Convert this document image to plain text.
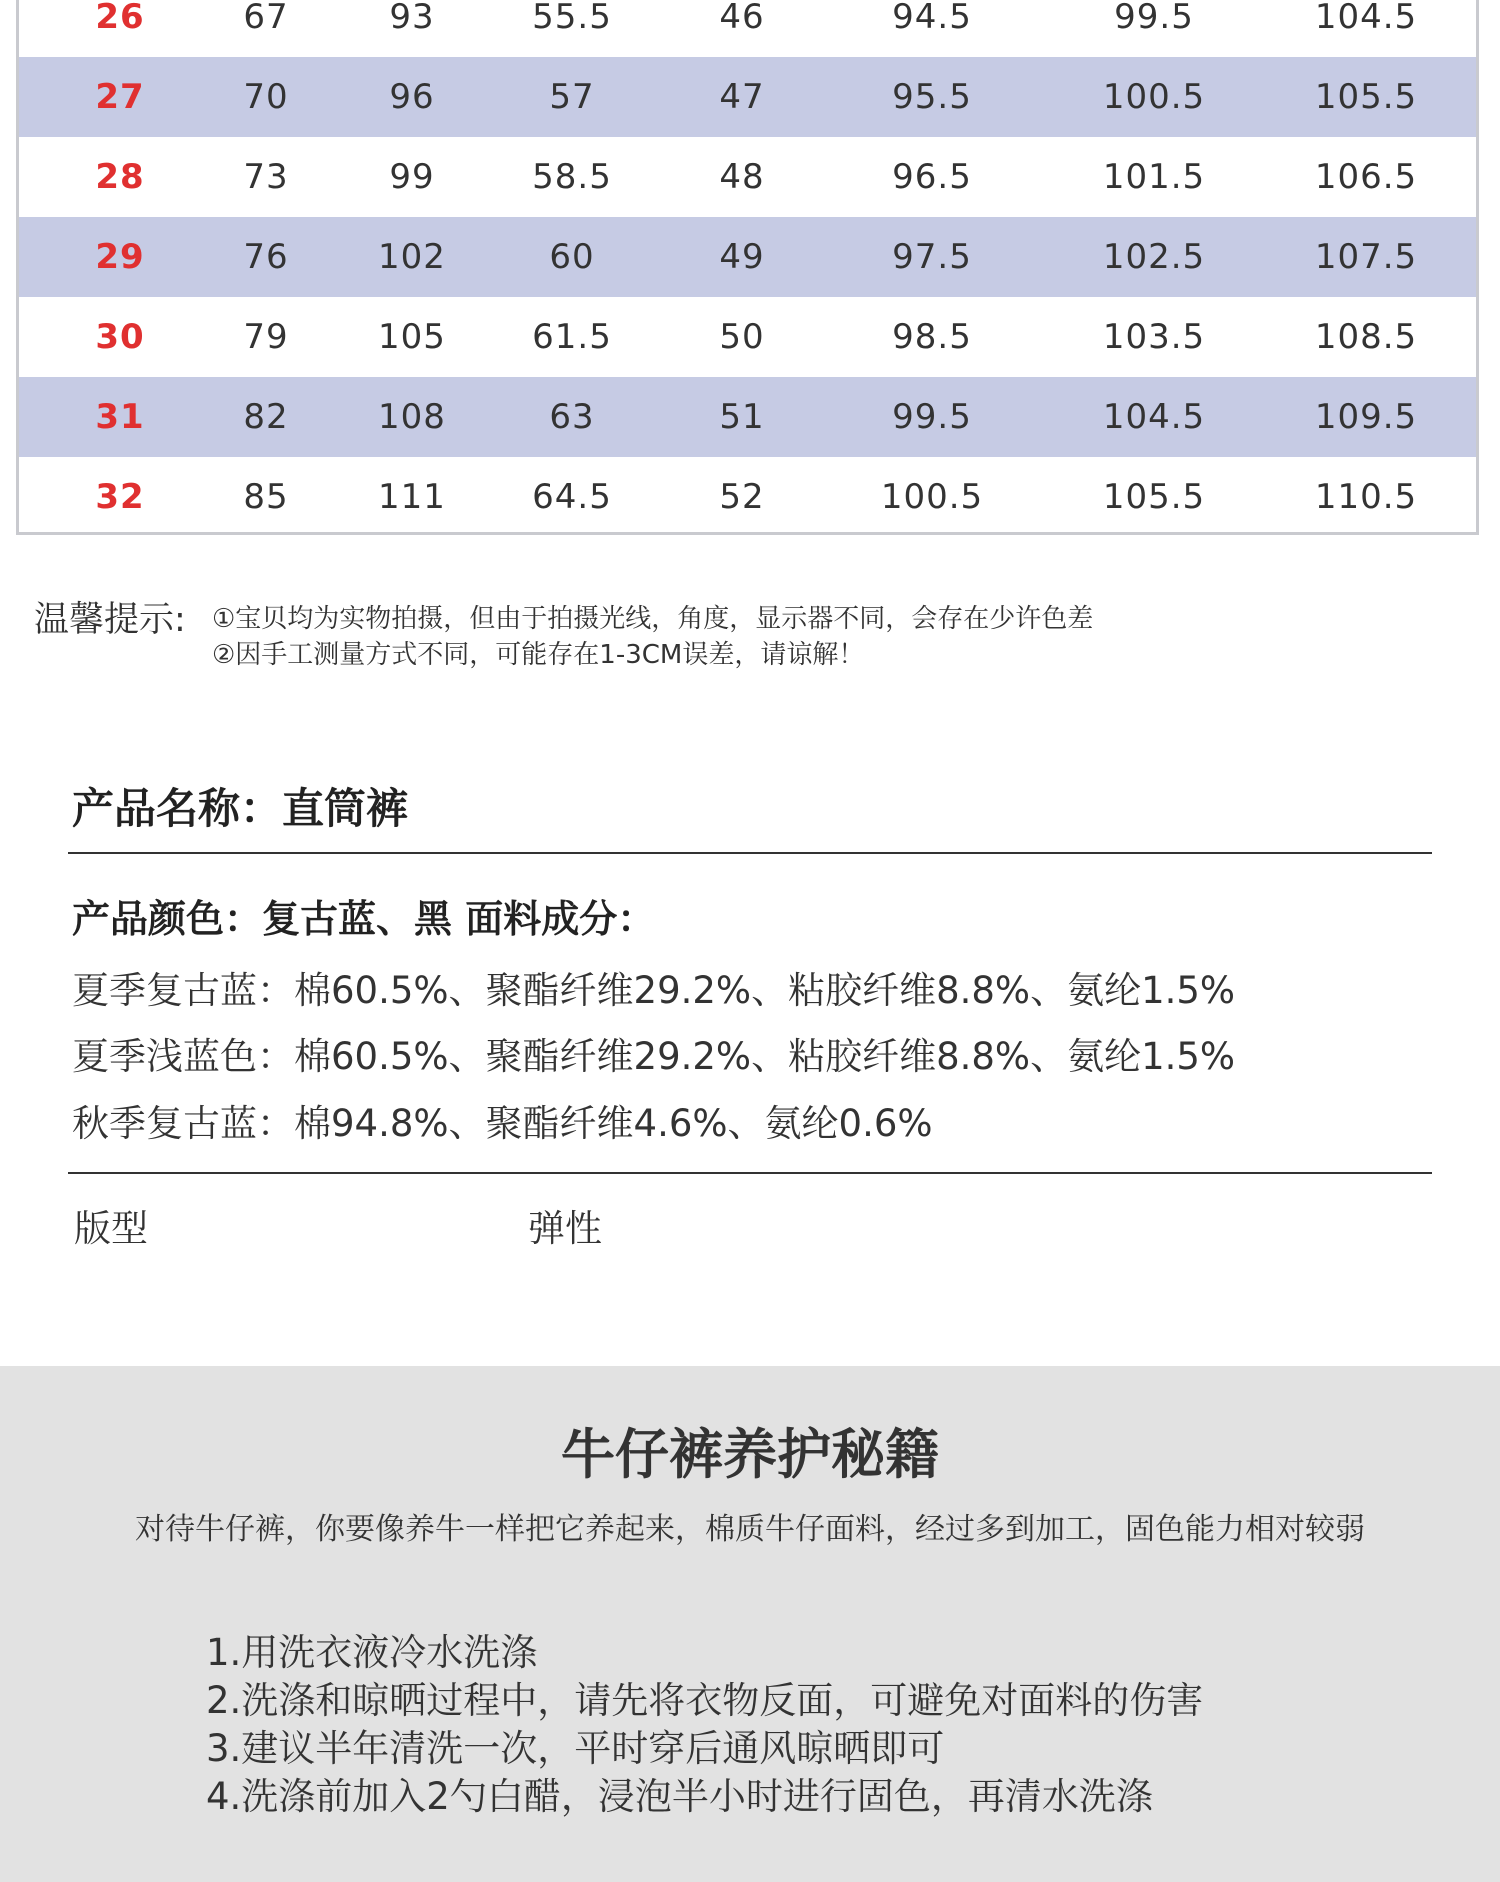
26	67	93	55.5	46	94.5	99.5	104.5
27	70	96	57	47	95.5	100.5	105.5
28	73	99	58.5	48	96.5	101.5	106.5
29	76	102	60	49	97.5	102.5	107.5
30	79	105	61.5	50	98.5	103.5	108.5
31	82	108	63	51	99.5	104.5	109.5
32	85	111	64.5	52	100.5	105.5	110.5
温馨提示: ①宝贝均为实物拍摄，但由于拍摄光线，角度，显示器不同，会存在少许色差
②因手工测量方式不同，可能存在1-3CM误差，请谅解！
产品名称：直筒裤
产品颜色：复古蓝、黑 面料成分：
夏季复古蓝：棉60.5%、聚酯纤维29.2%、粘胶纤维8.8%、氨纶1.5%
夏季浅蓝色：棉60.5%、聚酯纤维29.2%、粘胶纤维8.8%、氨纶1.5%
秋季复古蓝：棉94.8%、聚酯纤维4.6%、氨纶0.6%
版型	弹性
牛仔裤养护秘籍
对待牛仔裤，你要像养牛一样把它养起来，棉质牛仔面料，经过多到加工，固色能力相对较弱
1.用洗衣液冷水洗涤
2.洗涤和晾晒过程中，请先将衣物反面，可避免对面料的伤害
3.建议半年清洗一次，平时穿后通风晾晒即可
4.洗涤前加入2勺白醋，浸泡半小时进行固色，再清水洗涤
